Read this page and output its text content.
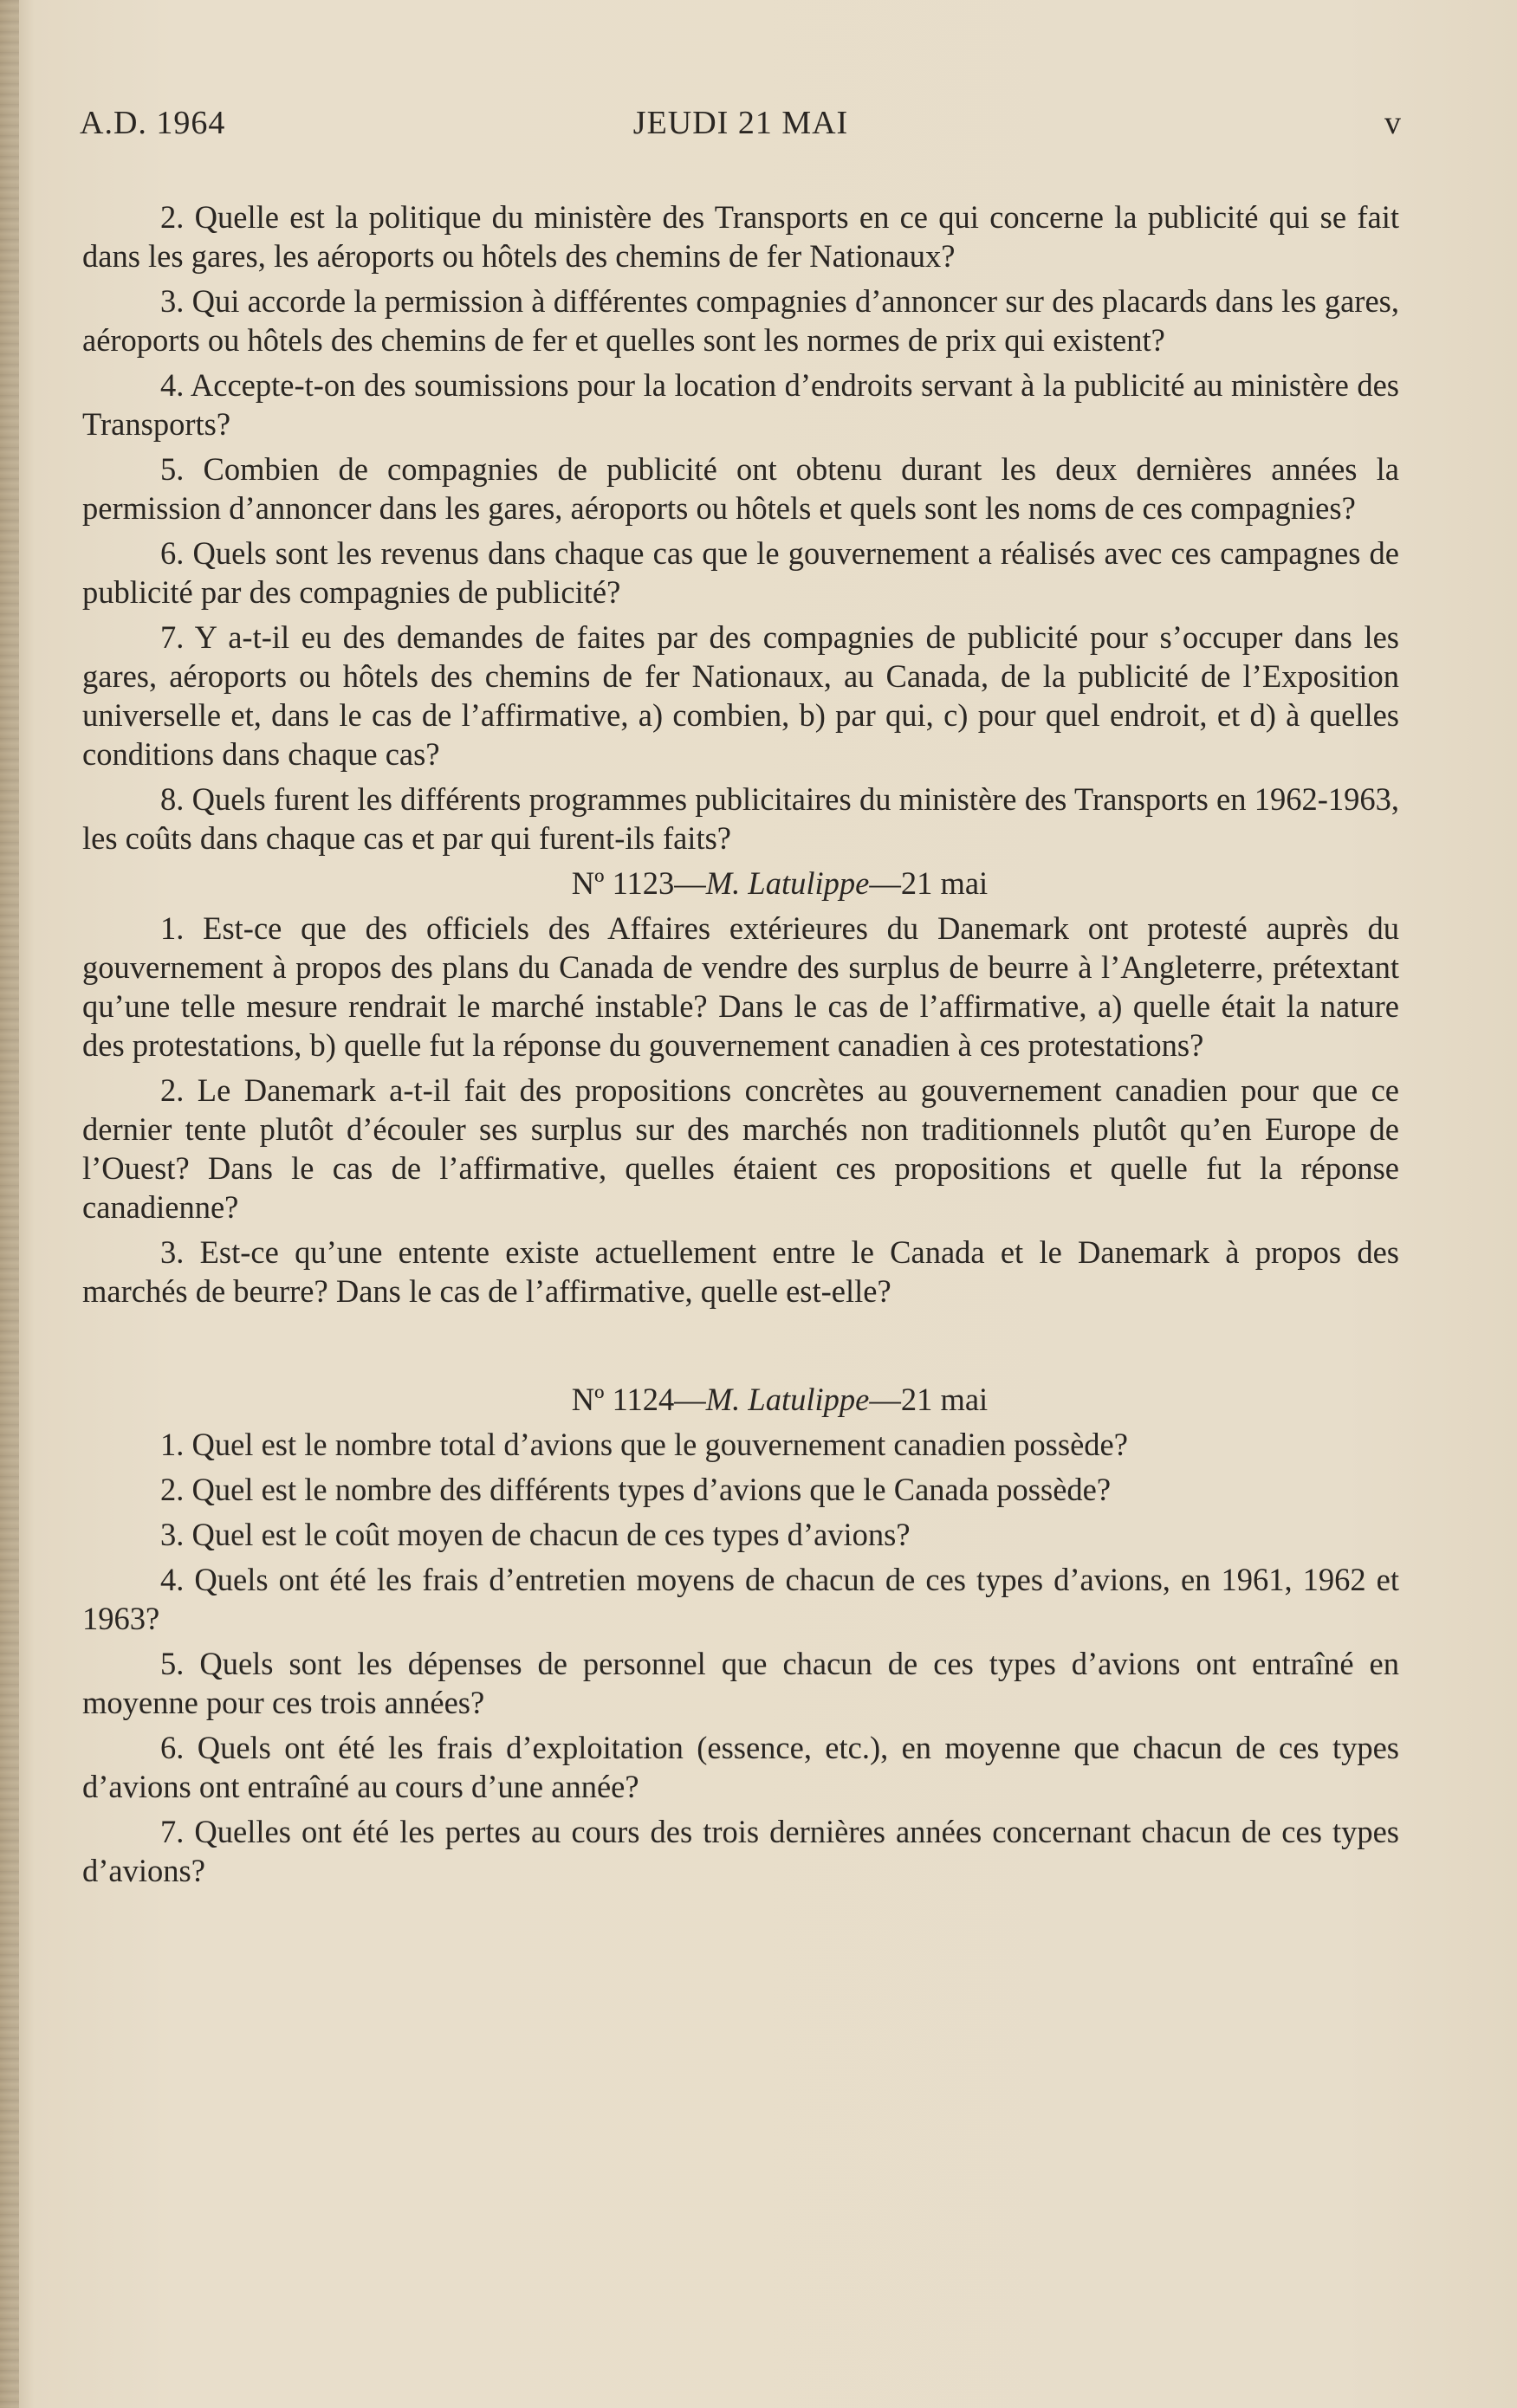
A.D. 1964	JEUDI 21 MAI	v

2. Quelle est la politique du ministère des Transports en ce qui concerne la publicité qui se fait dans les gares, les aéroports ou hôtels des chemins de fer Nationaux?

3. Qui accorde la permission à différentes compagnies d’annoncer sur des placards dans les gares, aéroports ou hôtels des chemins de fer et quelles sont les normes de prix qui existent?

4. Accepte-t-on des soumissions pour la location d’endroits servant à la publicité au ministère des Transports?

5. Combien de compagnies de publicité ont obtenu durant les deux dernières années la permission d’annoncer dans les gares, aéroports ou hôtels et quels sont les noms de ces compagnies?

6. Quels sont les revenus dans chaque cas que le gouvernement a réalisés avec ces campagnes de publicité par des compagnies de publicité?

7. Y a-t-il eu des demandes de faites par des compagnies de publicité pour s’occuper dans les gares, aéroports ou hôtels des chemins de fer Nationaux, au Canada, de la publicité de l’Exposition universelle et, dans le cas de l’affirmative, a) combien, b) par qui, c) pour quel endroit, et d) à quelles conditions dans chaque cas?

8. Quels furent les différents programmes publicitaires du ministère des Transports en 1962-1963, les coûts dans chaque cas et par qui furent-ils faits?

Nº 1123—M. Latulippe—21 mai

1. Est-ce que des officiels des Affaires extérieures du Danemark ont protesté auprès du gouvernement à propos des plans du Canada de vendre des surplus de beurre à l’Angleterre, prétextant qu’une telle mesure rendrait le marché instable? Dans le cas de l’affirmative, a) quelle était la nature des protestations, b) quelle fut la réponse du gouvernement canadien à ces protestations?

2. Le Danemark a-t-il fait des propositions concrètes au gouvernement canadien pour que ce dernier tente plutôt d’écouler ses surplus sur des marchés non traditionnels plutôt qu’en Europe de l’Ouest? Dans le cas de l’affirmative, quelles étaient ces propositions et quelle fut la réponse canadienne?

3. Est-ce qu’une entente existe actuellement entre le Canada et le Danemark à propos des marchés de beurre? Dans le cas de l’affirmative, quelle est-elle?

Nº 1124—M. Latulippe—21 mai

1. Quel est le nombre total d’avions que le gouvernement canadien possède?

2. Quel est le nombre des différents types d’avions que le Canada possède?

3. Quel est le coût moyen de chacun de ces types d’avions?

4. Quels ont été les frais d’entretien moyens de chacun de ces types d’avions, en 1961, 1962 et 1963?

5. Quels sont les dépenses de personnel que chacun de ces types d’avions ont entraîné en moyenne pour ces trois années?

6. Quels ont été les frais d’exploitation (essence, etc.), en moyenne que chacun de ces types d’avions ont entraîné au cours d’une année?

7. Quelles ont été les pertes au cours des trois dernières années concernant chacun de ces types d’avions?
